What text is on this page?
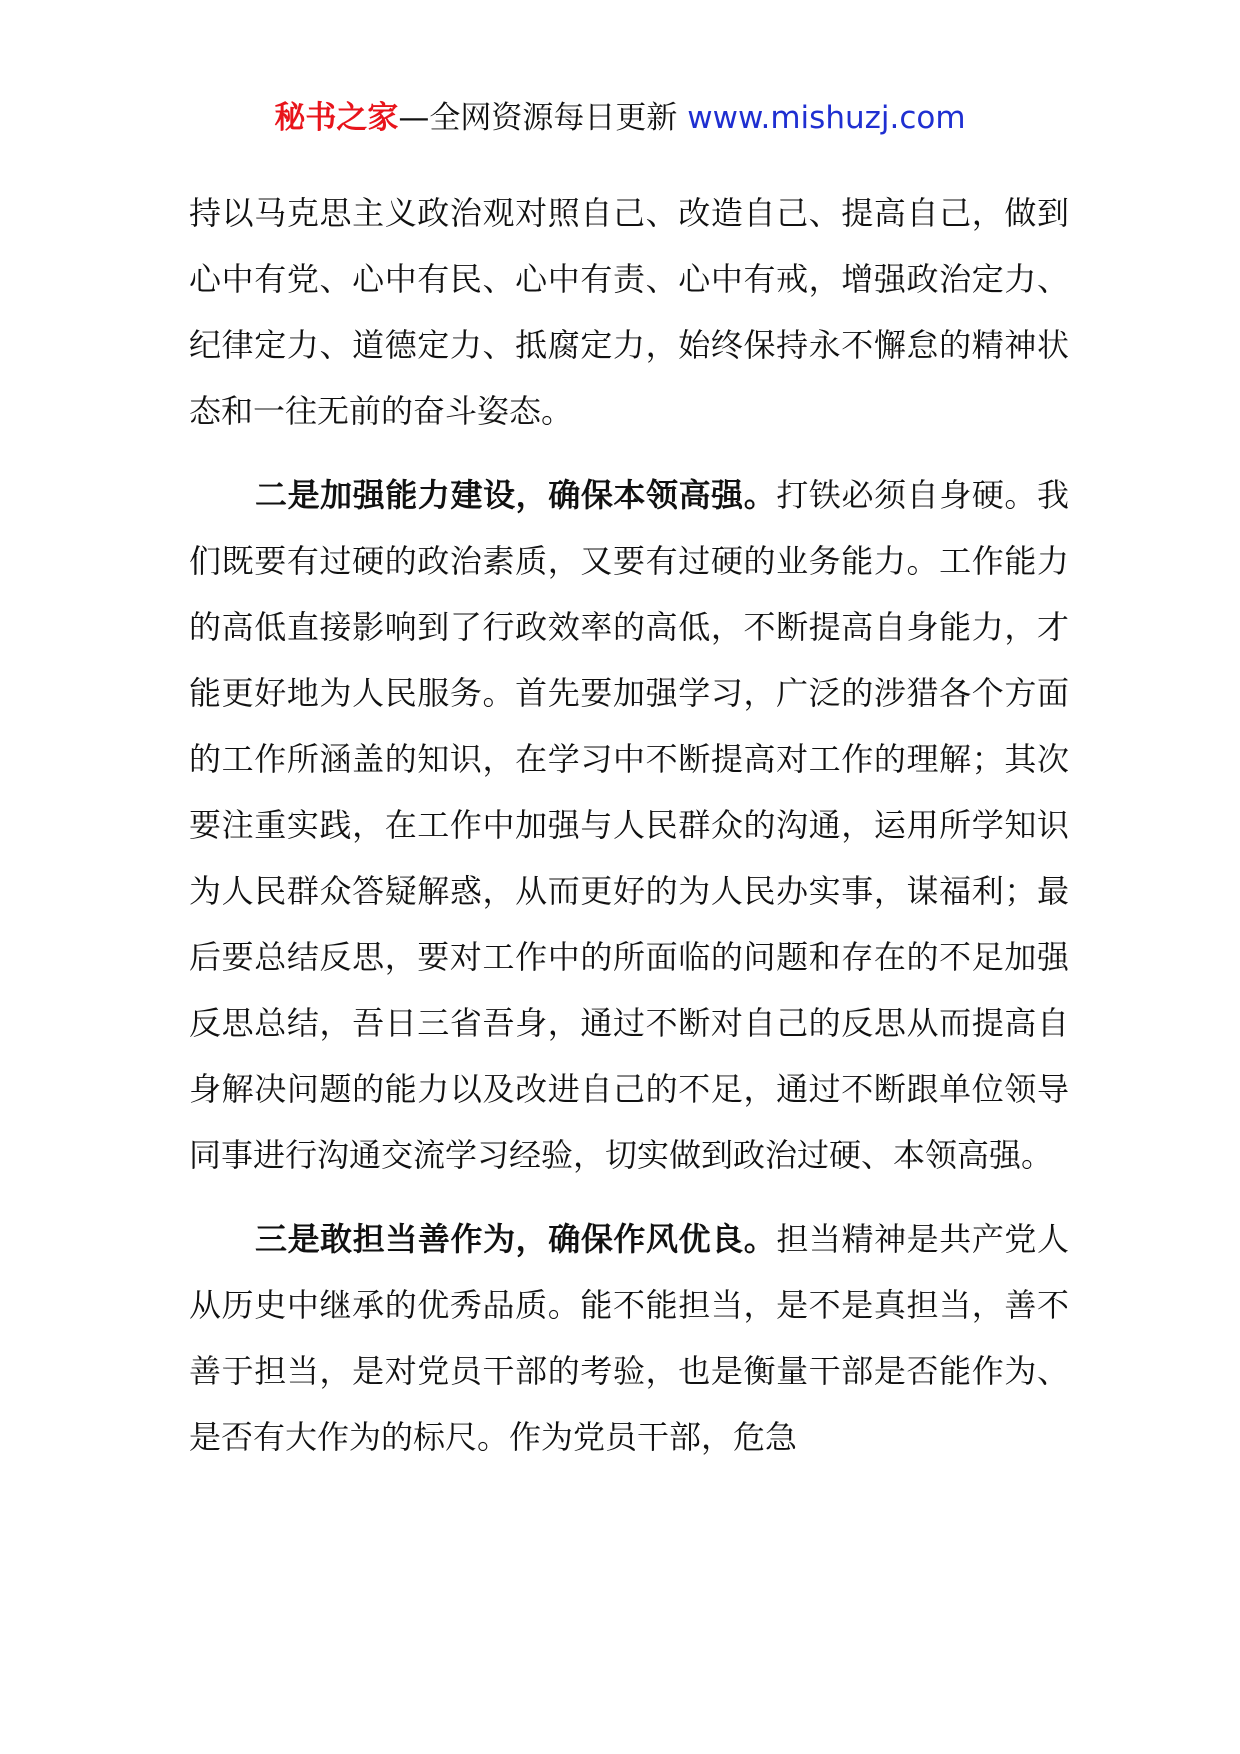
秘书之家—全网资源每日更新 www.mishuzj.com

持以马克思主义政治观对照自己、改造自己、提高自己，做到心中有党、心中有民、心中有责、心中有戒，增强政治定力、纪律定力、道德定力、抵腐定力，始终保持永不懈怠的精神状态和一往无前的奋斗姿态。

二是加强能力建设，确保本领高强。打铁必须自身硬。我们既要有过硬的政治素质，又要有过硬的业务能力。工作能力的高低直接影响到了行政效率的高低，不断提高自身能力，才能更好地为人民服务。首先要加强学习，广泛的涉猎各个方面的工作所涵盖的知识，在学习中不断提高对工作的理解；其次要注重实践，在工作中加强与人民群众的沟通，运用所学知识为人民群众答疑解惑，从而更好的为人民办实事，谋福利；最后要总结反思，要对工作中的所面临的问题和存在的不足加强反思总结，吾日三省吾身，通过不断对自己的反思从而提高自身解决问题的能力以及改进自己的不足，通过不断跟单位领导同事进行沟通交流学习经验，切实做到政治过硬、本领高强。

三是敢担当善作为，确保作风优良。担当精神是共产党人从历史中继承的优秀品质。能不能担当，是不是真担当，善不善于担当，是对党员干部的考验，也是衡量干部是否能作为、是否有大作为的标尺。作为党员干部，危急
